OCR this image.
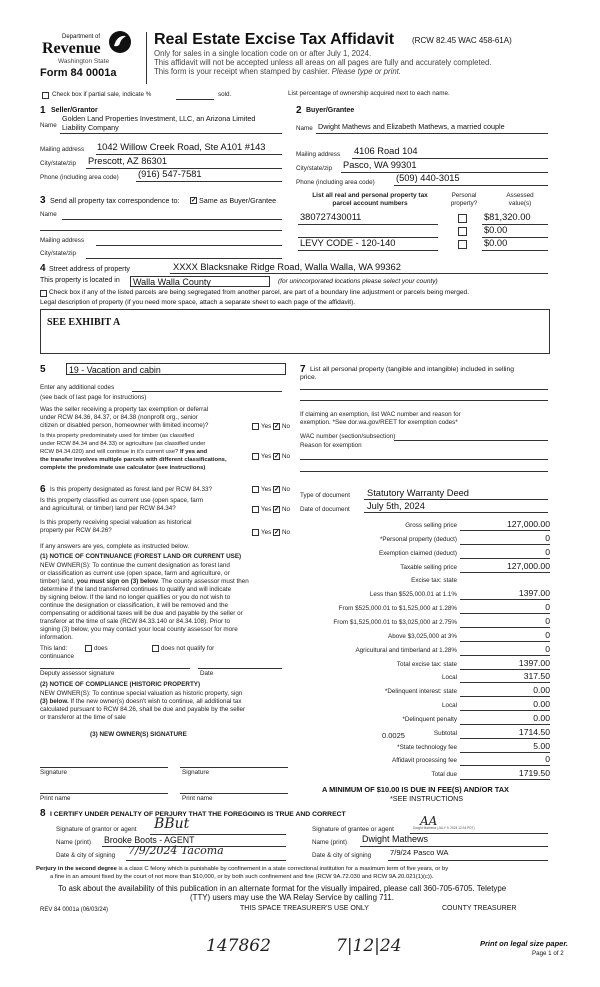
Department of
Revenue
Washington State
Form 84 0001a
Real Estate Excise Tax Affidavit (RCW 82.45 WAC 458-61A)
Only for sales in a single location code on or after July 1, 2024.
This affidavit will not be accepted unless all areas on all pages are fully and accurately completed.
This form is your receipt when stamped by cashier. Please type or print.
Check box if partial sale, indicate %	sold.	List percentage of ownership acquired next to each name.
1 Seller/Grantor
Name
Golden Land Properties Investment, LLC, an Arizona Limited
Liability Company
Mailing address 1042 Willow Creek Road, Ste A101 #143
City/state/zip Prescott, AZ 86301
Phone (including area code) (916) 547-7581
2 Buyer/Grantee
Name Dwight Mathews and Elizabeth Mathews, a married couple
Mailing address 4106 Road 104
City/state/zip Pasco, WA 99301
Phone (including area code) (509) 440-3015
3 Send all property tax correspondence to: ✓ Same as Buyer/Grantee
Name
Mailing address
City/state/zip
List all real and personal property tax
parcel account numbers
Personal
property?
Assessed
value(s)
380727430011	$81,320.00
$0.00
LEVY CODE - 120-140	$0.00
4 Street address of property	XXXX Blacksnake Ridge Road, Walla Walla, WA 99362
This property is located in Walla Walla County	(for unincorporated locations please select your county)
Check box if any of the listed parcels are being segregated from another parcel, are part of a boundary line adjustment or parcels being merged.
Legal description of property (if you need more space, attach a separate sheet to each page of the affidavit).
SEE EXHIBIT A
5	19 - Vacation and cabin
Enter any additional codes
(see back of last page for instructions)
Was the seller receiving a property tax exemption or deferral
under RCW 84.36, 84.37, or 84.38 (nonprofit org., senior
citizen or disabled person, homeowner with limited income)?	Yes ✓ No
Is this property predominately used for timber (as classified
under RCW 84.34 and 84.33) or agriculture (as classified under
RCW 84.34.020) and will continue in it's current use? If yes and
the transfer involves multiple parcels with different classifications,
complete the predominate use calculator (see instructions)
Yes ✓ No
7 List all personal property (tangible and intangible) included in selling
price.
If claiming an exemption, list WAC number and reason for
exemption. *See dor.wa.gov/REET for exemption codes*
WAC number (section/subsection)
Reason for exemption
6 Is this property designated as forest land per RCW 84.33?	Yes ✓ No
Is this property classified as current use (open space, farm
and agricultural, or timber) land per RCW 84.34?	Yes ✓ No
Is this property receiving special valuation as historical
property per RCW 84.26?	Yes ✓ No
If any answers are yes, complete as instructed below.
(1) NOTICE OF CONTINUANCE (FOREST LAND OR CURRENT USE)
NEW OWNER(S): To continue the current designation as forest land
or classification as current use (open space, farm and agriculture, or
timber) land, you must sign on (3) below. The county assessor must then
determine if the land transferred continues to qualify and will indicate
by signing below. If the land no longer qualifies or you do not wish to
continue the designation or classification, it will be removed and the
compensating or additional taxes will be due and payable by the seller or
transferor at the time of sale (RCW 84.33.140 or 84.34.108). Prior to
signing (3) below, you may contact your local county assessor for more
information.
This land:	does	does not qualify for
continuance
Deputy assessor signature	Date
(2) NOTICE OF COMPLIANCE (HISTORIC PROPERTY)
NEW OWNER(S): To continue special valuation as historic property, sign
(3) below. If the new owner(s) doesn't wish to continue, all additional tax
calculated pursuant to RCW 84.26, shall be due and payable by the seller
or transferor at the time of sale
(3) NEW OWNER(S) SIGNATURE
Signature	Signature
Print name	Print name
Type of document Statutory Warranty Deed
Date of document July 5th, 2024
Gross selling price	127,000.00
*Personal property (deduct)	0
Exemption claimed (deduct)	0
Taxable selling price	127,000.00
Excise tax: state
Less than $525,000.01 at 1.1%	1397.00
From $525,000.01 to $1,525,000 at 1.28%	0
From $1,525,000.01 to $3,025,000 at 2.75%	0
Above $3,025,000 at 3%	0
Agricultural and timberland at 1.28%	0
Total excise tax: state	1397.00
Local	317.50
*Delinquent interest: state	0.00
Local	0.00
*Delinquent penalty	0.00
Subtotal	1714.50
*State technology fee	5.00
Affidavit processing fee	0
Total due	1719.50
0.0025
A MINIMUM OF $10.00 IS DUE IN FEE(S) AND/OR TAX
*SEE INSTRUCTIONS
8 I CERTIFY UNDER PENALTY OF PERJURY THAT THE FOREGOING IS TRUE AND CORRECT
Signature of grantor or agent BBut
Name (print) Brooke Boots - AGENT
Date & city of signing 7/9/2024 Tacoma
Signature of grantee or agent
AA
Dwight Mathews (JULY 9, 2024 12:34 PDT)
Name (print) Dwight Mathews
Date & city of signing 7/9/24 Pasco WA
Perjury in the second degree is a class C felony which is punishable by confinement in a state correctional institution for a maximum term of five years, or by
a fine in an amount fixed by the court of not more than $10,000, or by both such confinement and fine (RCW 9A.72.030 and RCW 9A.20.021(1)(c)).
To ask about the availability of this publication in an alternate format for the visually impaired, please call 360-705-6705. Teletype
(TTY) users may use the WA Relay Service by calling 711.
REV 84 0001a (06/03/24)	THIS SPACE TREASURER'S USE ONLY	COUNTY TREASURER
147862	7|12|24	Print on legal size paper.
Page 1 of 2
